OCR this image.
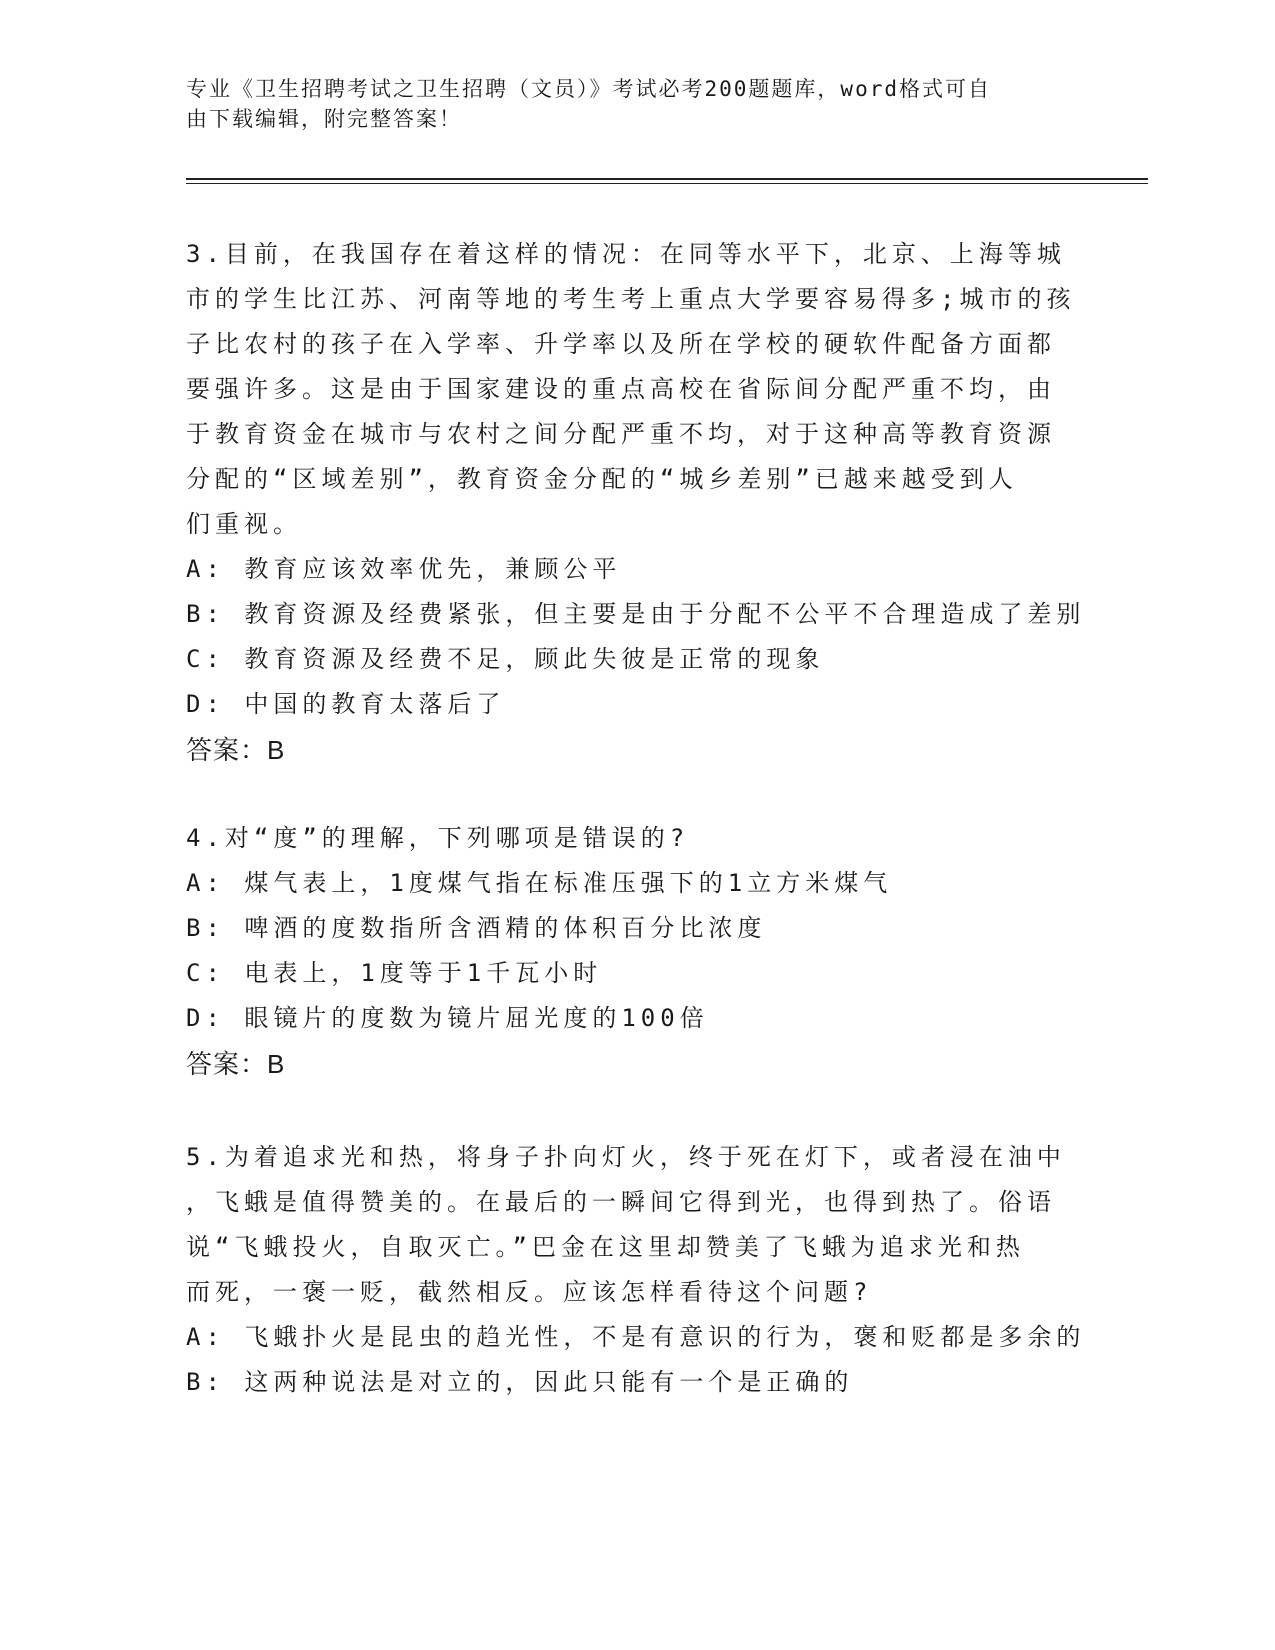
专业《卫生招聘考试之卫生招聘（文员）》考试必考200题题库，word格式可自
由下载编辑，附完整答案！
3.目前，在我国存在着这样的情况：在同等水平下，北京、上海等城
市的学生比江苏、河南等地的考生考上重点大学要容易得多;城市的孩
子比农村的孩子在入学率、升学率以及所在学校的硬软件配备方面都
要强许多。这是由于国家建设的重点高校在省际间分配严重不均，由
于教育资金在城市与农村之间分配严重不均，对于这种高等教育资源
分配的“区域差别”，教育资金分配的“城乡差别”已越来越受到人
们重视。
A: 教育应该效率优先，兼顾公平
B: 教育资源及经费紧张，但主要是由于分配不公平不合理造成了差别
C: 教育资源及经费不足，顾此失彼是正常的现象
D: 中国的教育太落后了
答案：B
4.对“度”的理解，下列哪项是错误的?
A: 煤气表上，1度煤气指在标准压强下的1立方米煤气
B: 啤酒的度数指所含酒精的体积百分比浓度
C: 电表上，1度等于1千瓦小时
D: 眼镜片的度数为镜片屈光度的100倍
答案：B
5.为着追求光和热，将身子扑向灯火，终于死在灯下，或者浸在油中
，飞蛾是值得赞美的。在最后的一瞬间它得到光，也得到热了。俗语
说“飞蛾投火，自取灭亡。”巴金在这里却赞美了飞蛾为追求光和热
而死，一褒一贬，截然相反。应该怎样看待这个问题?
A: 飞蛾扑火是昆虫的趋光性，不是有意识的行为，褒和贬都是多余的
B: 这两种说法是对立的，因此只能有一个是正确的
